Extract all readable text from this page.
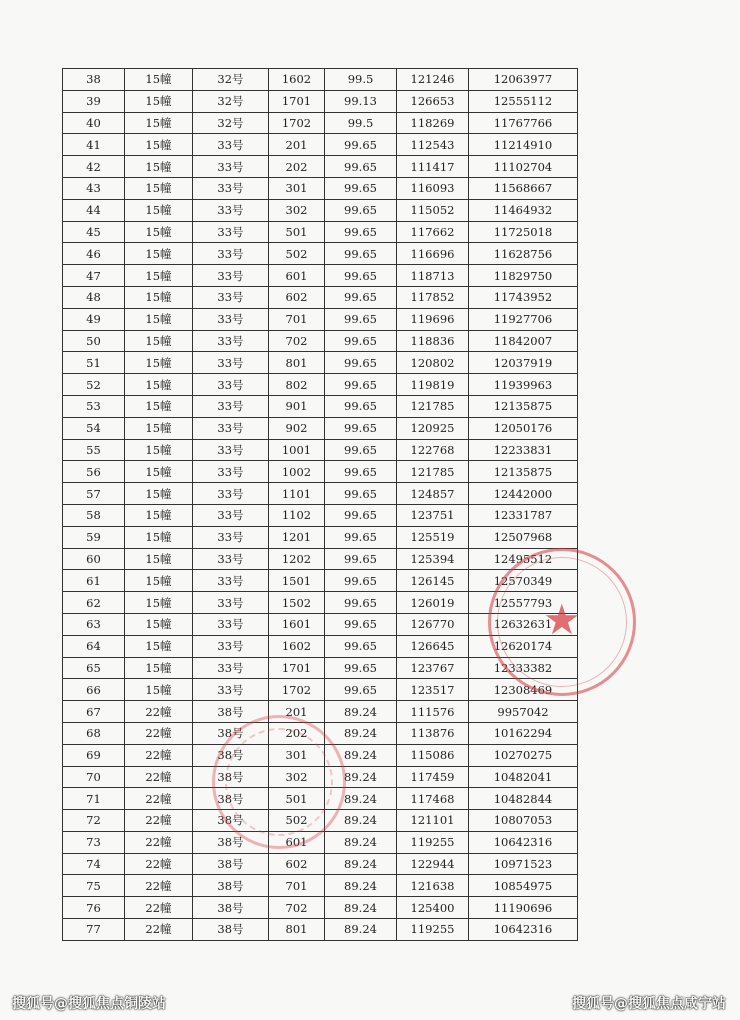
38	15幢	32号	1602	99.5	121246	12063977
39	15幢	32号	1701	99.13	126653	12555112
40	15幢	32号	1702	99.5	118269	11767766
41	15幢	33号	201	99.65	112543	11214910
42	15幢	33号	202	99.65	111417	11102704
43	15幢	33号	301	99.65	116093	11568667
44	15幢	33号	302	99.65	115052	11464932
45	15幢	33号	501	99.65	117662	11725018
46	15幢	33号	502	99.65	116696	11628756
47	15幢	33号	601	99.65	118713	11829750
48	15幢	33号	602	99.65	117852	11743952
49	15幢	33号	701	99.65	119696	11927706
50	15幢	33号	702	99.65	118836	11842007
51	15幢	33号	801	99.65	120802	12037919
52	15幢	33号	802	99.65	119819	11939963
53	15幢	33号	901	99.65	121785	12135875
54	15幢	33号	902	99.65	120925	12050176
55	15幢	33号	1001	99.65	122768	12233831
56	15幢	33号	1002	99.65	121785	12135875
57	15幢	33号	1101	99.65	124857	12442000
58	15幢	33号	1102	99.65	123751	12331787
59	15幢	33号	1201	99.65	125519	12507968
60	15幢	33号	1202	99.65	125394	12495512
61	15幢	33号	1501	99.65	126145	12570349
62	15幢	33号	1502	99.65	126019	12557793
63	15幢	33号	1601	99.65	126770	12632631
64	15幢	33号	1602	99.65	126645	12620174
65	15幢	33号	1701	99.65	123767	12333382
66	15幢	33号	1702	99.65	123517	12308469
67	22幢	38号	201	89.24	111576	9957042
68	22幢	38号	202	89.24	113876	10162294
69	22幢	38号	301	89.24	115086	10270275
70	22幢	38号	302	89.24	117459	10482041
71	22幢	38号	501	89.24	117468	10482844
72	22幢	38号	502	89.24	121101	10807053
73	22幢	38号	601	89.24	119255	10642316
74	22幢	38号	602	89.24	122944	10971523
75	22幢	38号	701	89.24	121638	10854975
76	22幢	38号	702	89.24	125400	11190696
77	22幢	38号	801	89.24	119255	10642316
★
搜狐号@搜狐焦点铜陵站	搜狐号@搜狐焦点咸宁站
